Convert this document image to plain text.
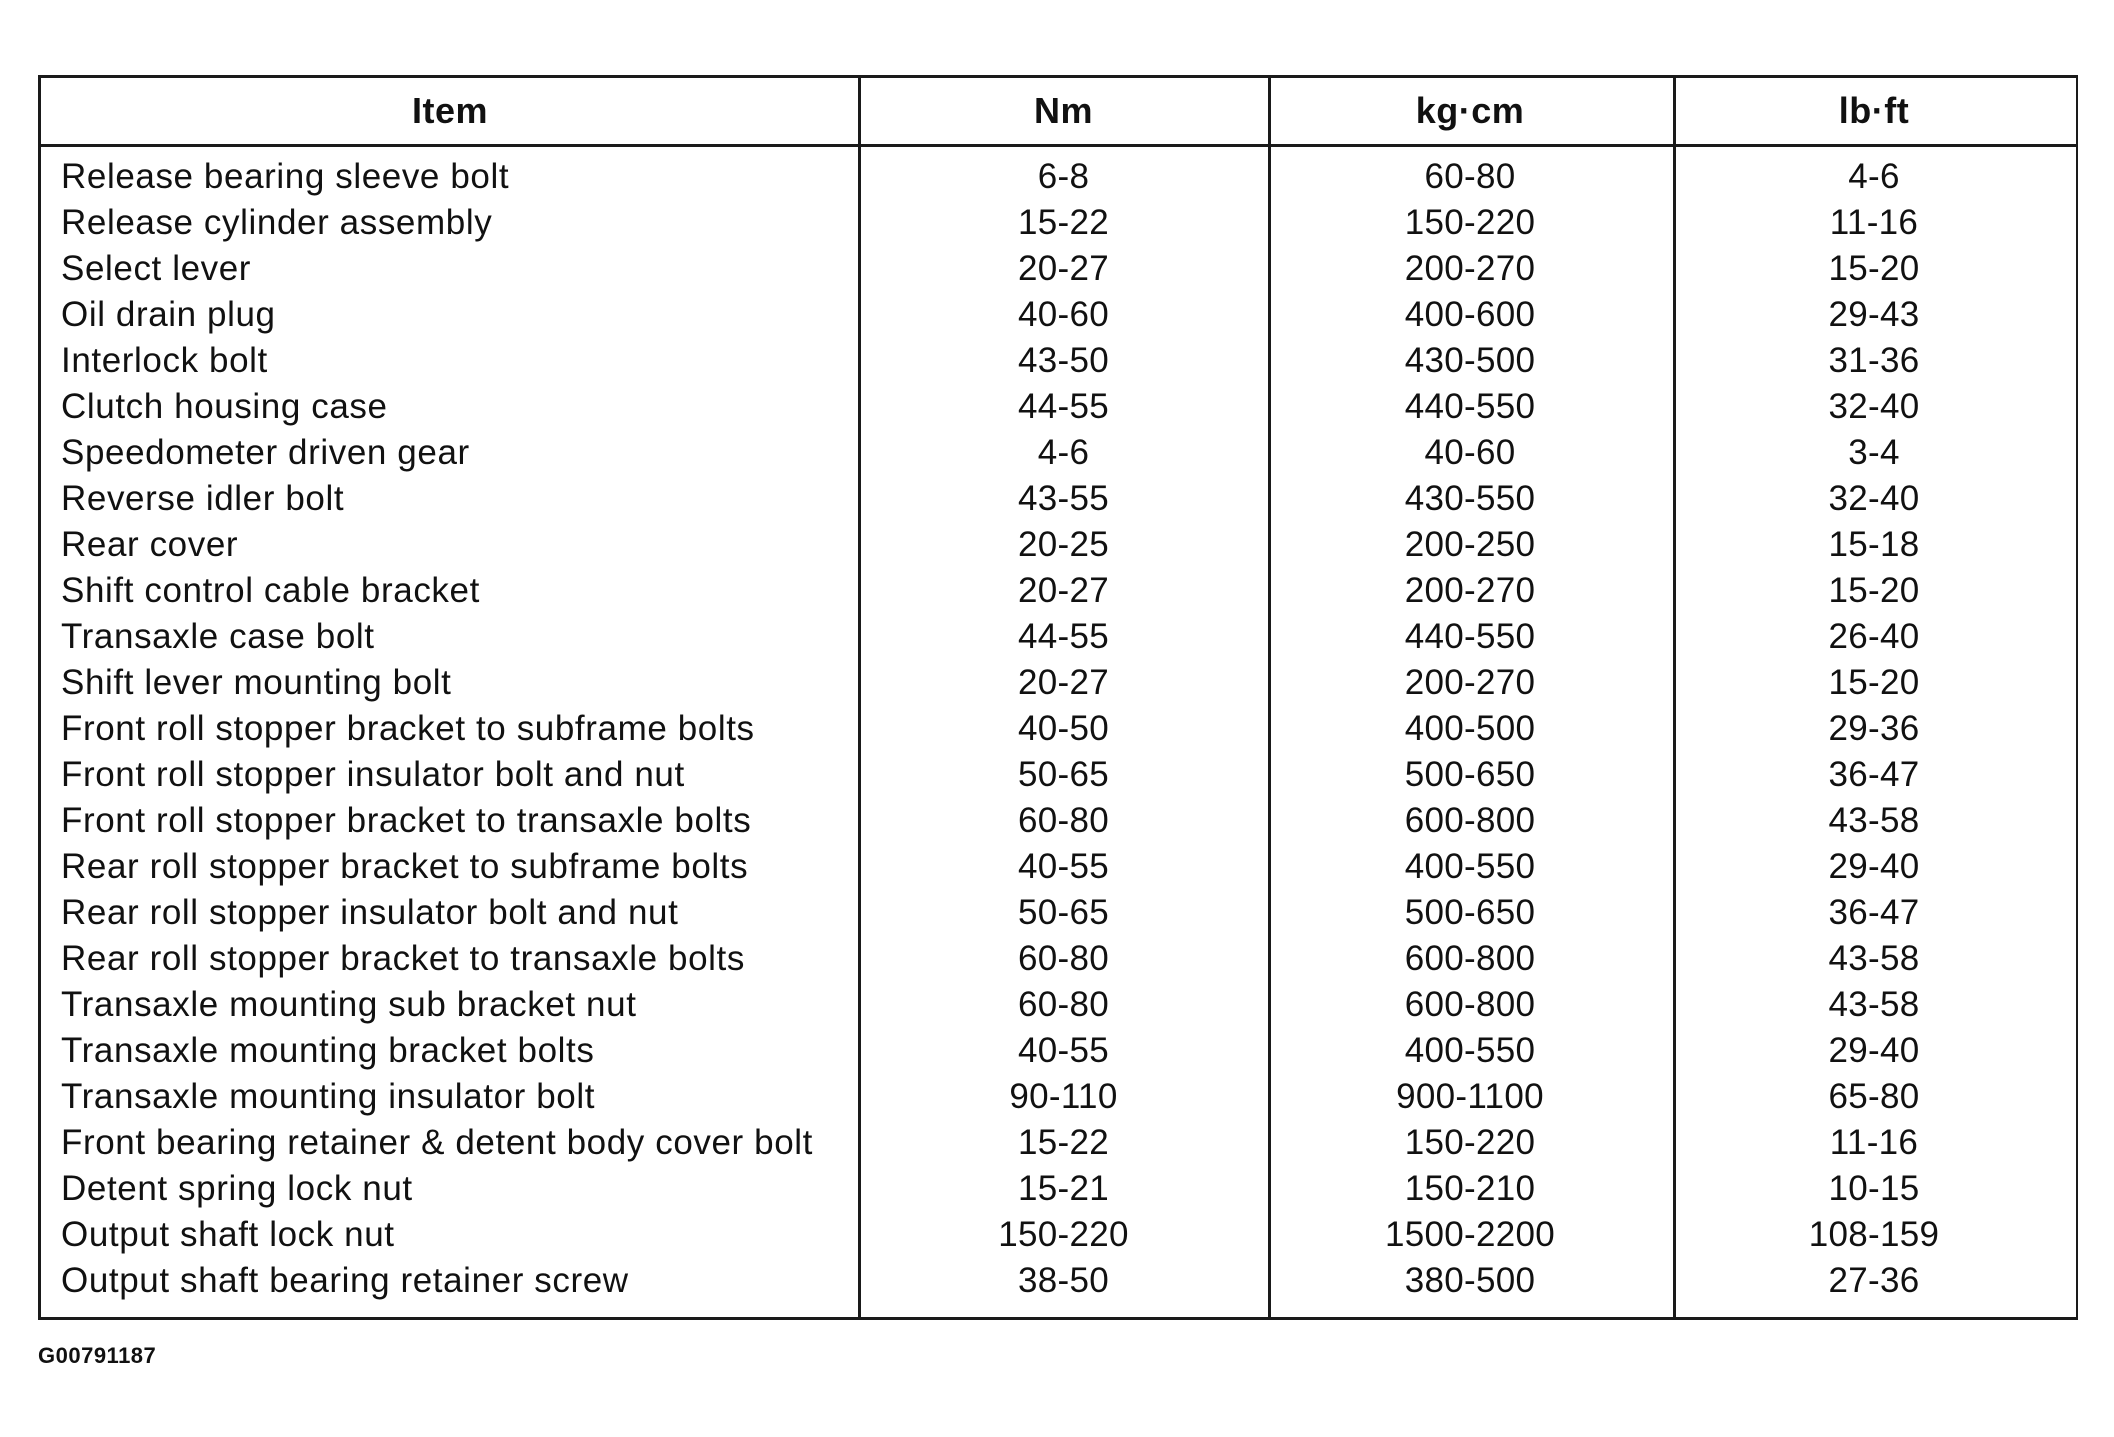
Item	Nm	kg·cm	lb·ft
Release bearing sleeve bolt	6-8	60-80	4-6
Release cylinder assembly	15-22	150-220	11-16
Select lever	20-27	200-270	15-20
Oil drain plug	40-60	400-600	29-43
Interlock bolt	43-50	430-500	31-36
Clutch housing case	44-55	440-550	32-40
Speedometer driven gear	4-6	40-60	3-4
Reverse idler bolt	43-55	430-550	32-40
Rear cover	20-25	200-250	15-18
Shift control cable bracket	20-27	200-270	15-20
Transaxle case bolt	44-55	440-550	26-40
Shift lever mounting bolt	20-27	200-270	15-20
Front roll stopper bracket to subframe bolts	40-50	400-500	29-36
Front roll stopper insulator bolt and nut	50-65	500-650	36-47
Front roll stopper bracket to transaxle bolts	60-80	600-800	43-58
Rear roll stopper bracket to subframe bolts	40-55	400-550	29-40
Rear roll stopper insulator bolt and nut	50-65	500-650	36-47
Rear roll stopper bracket to transaxle bolts	60-80	600-800	43-58
Transaxle mounting sub bracket nut	60-80	600-800	43-58
Transaxle mounting bracket bolts	40-55	400-550	29-40
Transaxle mounting insulator bolt	90-110	900-1100	65-80
Front bearing retainer & detent body cover bolt	15-22	150-220	11-16
Detent spring lock nut	15-21	150-210	10-15
Output shaft lock nut	150-220	1500-2200	108-159
Output shaft bearing retainer screw	38-50	380-500	27-36
G00791187
